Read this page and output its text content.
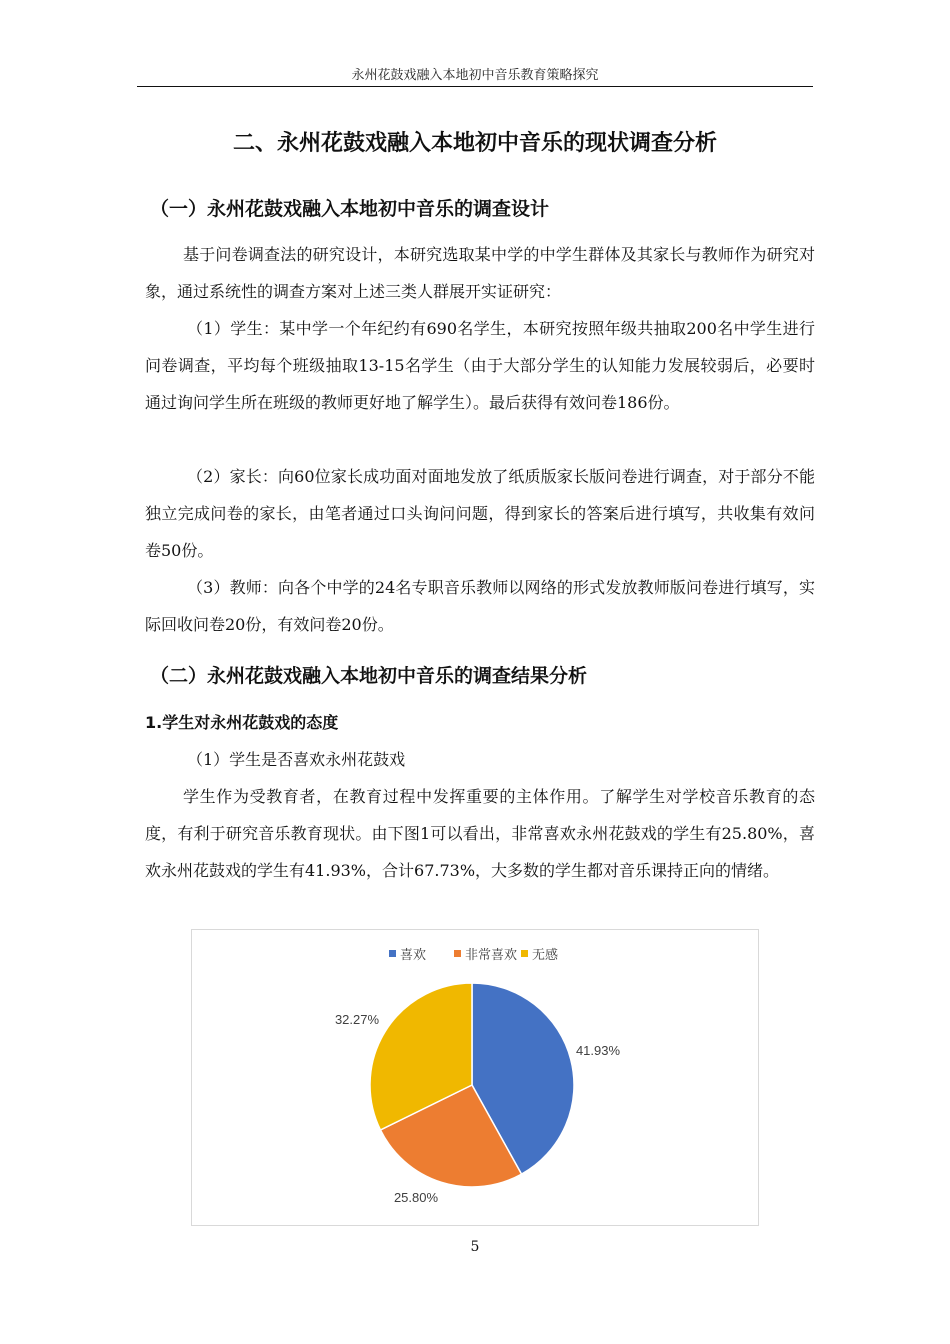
永州花鼓戏融入本地初中音乐教育策略探究
二、永州花鼓戏融入本地初中音乐的现状调查分析
（一）永州花鼓戏融入本地初中音乐的调查设计

基于问卷调查法的研究设计，本研究选取某中学的中学生群体及其家长与教师作为研究对象，通过系统性的调查方案对上述三类人群展开实证研究：

（1）学生：某中学一个年纪约有690名学生，本研究按照年级共抽取200名中学生进行问卷调查，平均每个班级抽取13-15名学生（由于大部分学生的认知能力发展较弱后，必要时通过询问学生所在班级的教师更好地了解学生）。最后获得有效问卷186份。

（2）家长：向60位家长成功面对面地发放了纸质版家长版问卷进行调查，对于部分不能独立完成问卷的家长，由笔者通过口头询问问题，得到家长的答案后进行填写，共收集有效问卷50份。

（3）教师：向各个中学的24名专职音乐教师以网络的形式发放教师版问卷进行填写，实际回收问卷20份，有效问卷20份。

（二）永州花鼓戏融入本地初中音乐的调查结果分析
1.学生对永州花鼓戏的态度

（1）学生是否喜欢永州花鼓戏

学生作为受教育者，在教育过程中发挥重要的主体作用。了解学生对学校音乐教育的态度，有利于研究音乐教育现状。由下图1可以看出，非常喜欢永州花鼓戏的学生有25.80%，喜欢永州花鼓戏的学生有41.93%，合计67.73%，大多数的学生都对音乐课持正向的情绪。

喜欢	非常喜欢 无感
41.93%
25.80%
32.27%
5
